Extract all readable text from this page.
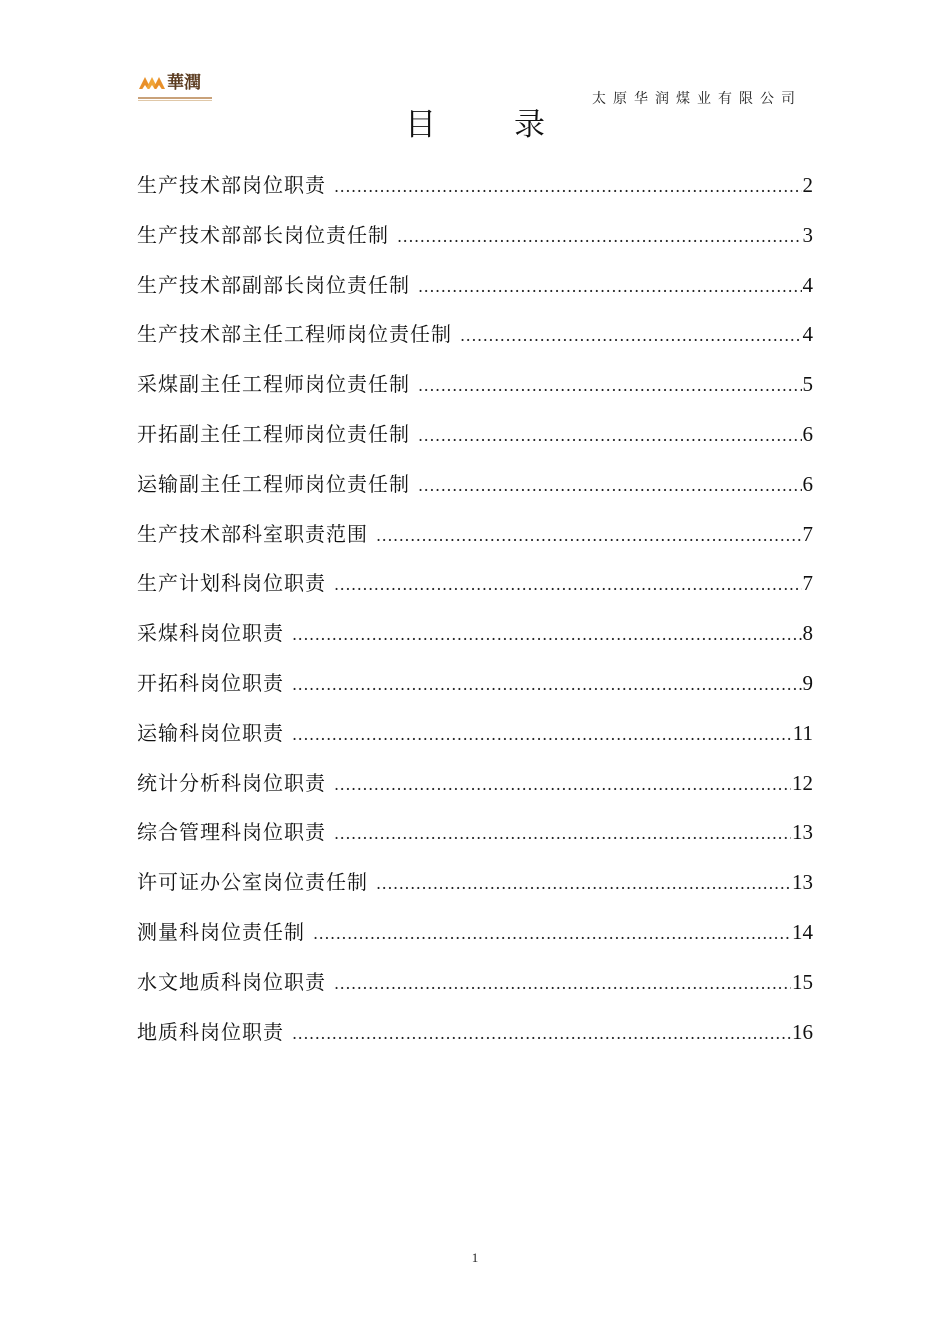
華潤
太原华润煤业有限公司
目录
生产技术部岗位职责 .....	2
生产技术部部长岗位责任制 .....	3
生产技术部副部长岗位责任制 .....	4
生产技术部主任工程师岗位责任制 .....	4
采煤副主任工程师岗位责任制 .....	5
开拓副主任工程师岗位责任制 .....	6
运输副主任工程师岗位责任制 .....	6
生产技术部科室职责范围 .....	7
生产计划科岗位职责 .....	7
采煤科岗位职责 .....	8
开拓科岗位职责 .....	9
运输科岗位职责 .....	11
统计分析科岗位职责 .....	12
综合管理科岗位职责 .....	13
许可证办公室岗位责任制 .....	13
测量科岗位责任制 .....	14
水文地质科岗位职责 .....	15
地质科岗位职责 .....	16
1
